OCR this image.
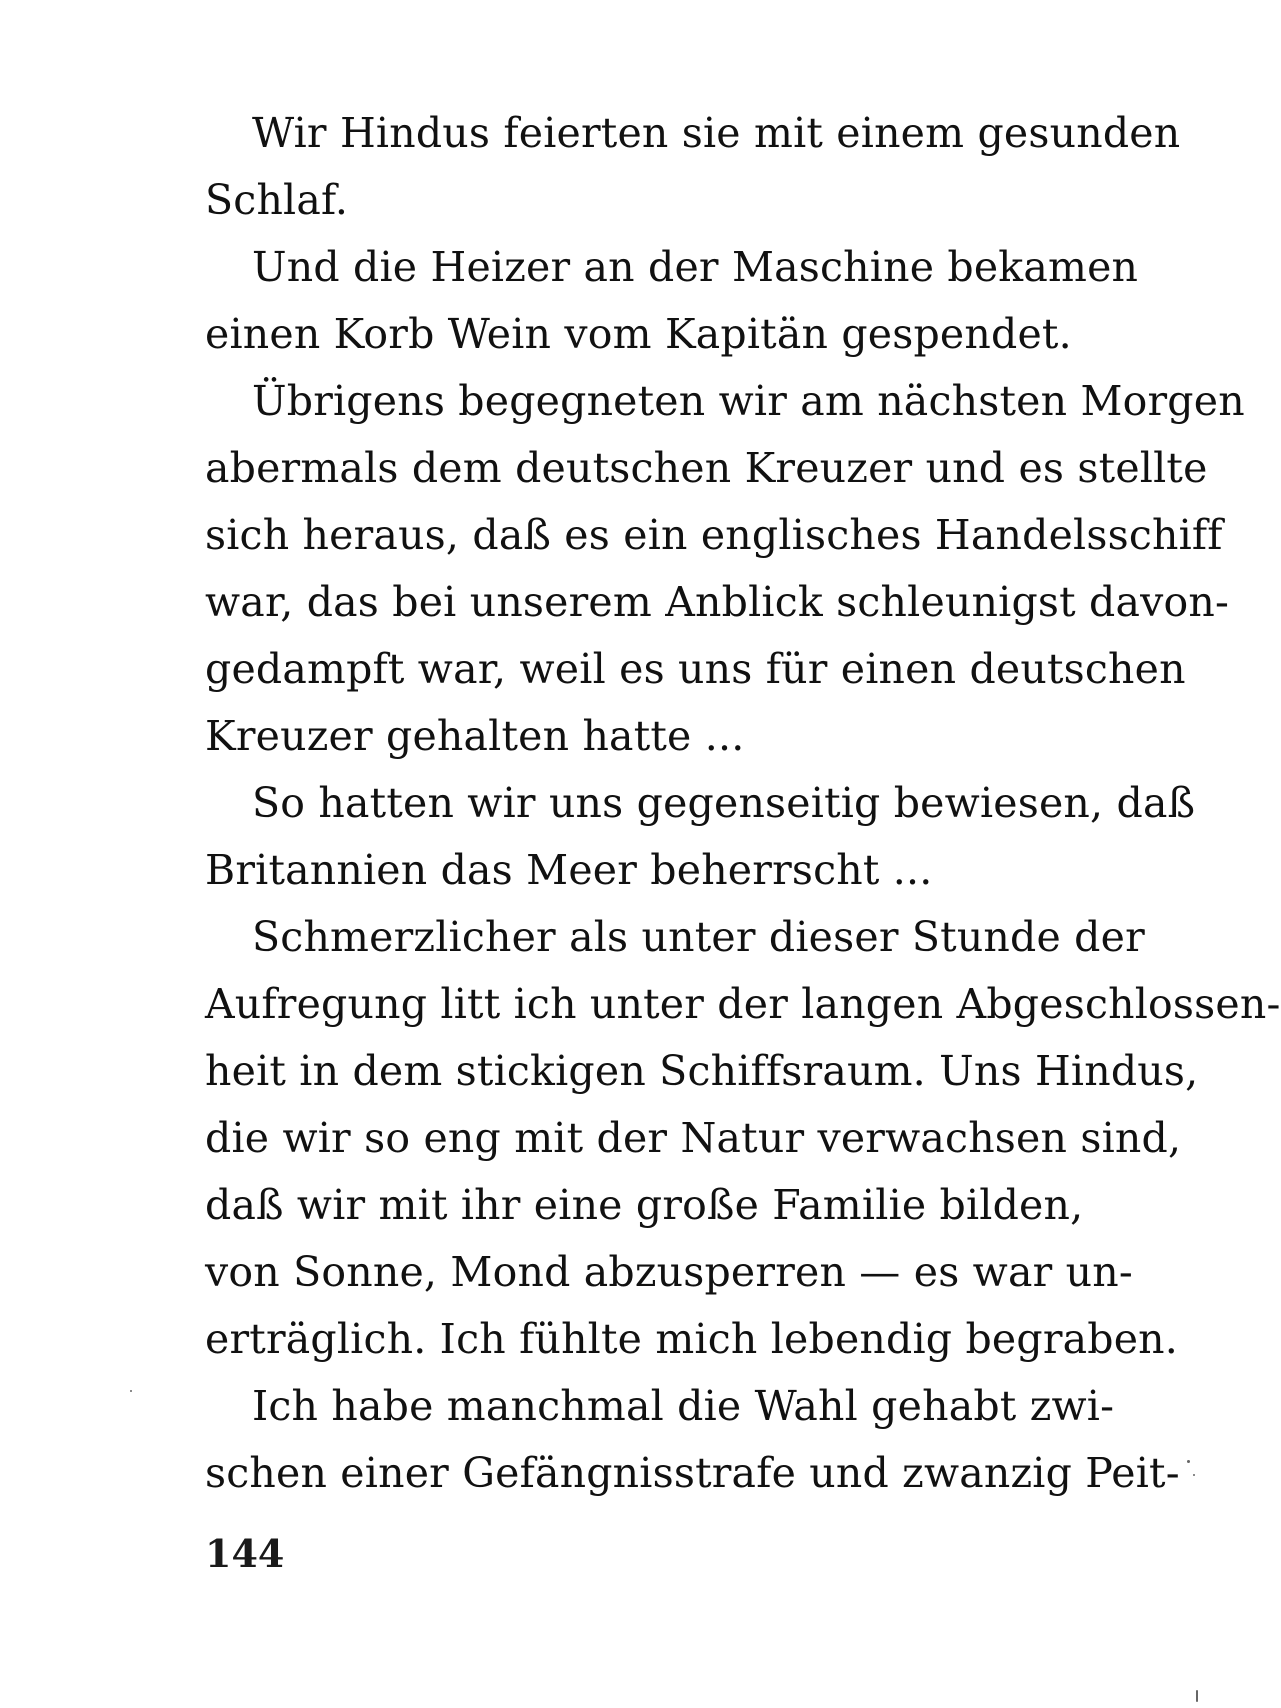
Wir Hindus feierten sie mit einem gesunden
Schlaf.
Und die Heizer an der Maschine bekamen
einen Korb Wein vom Kapitän gespendet.
Übrigens begegneten wir am nächsten Morgen
abermals dem deutschen Kreuzer und es stellte
sich heraus, daß es ein englisches Handelsschiff
war, das bei unserem Anblick schleunigst davon-
gedampft war, weil es uns für einen deutschen
Kreuzer gehalten hatte ...
So hatten wir uns gegenseitig bewiesen, daß
Britannien das Meer beherrscht ...
Schmerzlicher als unter dieser Stunde der
Aufregung litt ich unter der langen Abgeschlossen-
heit in dem stickigen Schiffsraum. Uns Hindus,
die wir so eng mit der Natur verwachsen sind,
daß wir mit ihr eine große Familie bilden,
von Sonne, Mond abzusperren — es war un-
erträglich. Ich fühlte mich lebendig begraben.
Ich habe manchmal die Wahl gehabt zwi-
schen einer Gefängnisstrafe und zwanzig Peit-
144
